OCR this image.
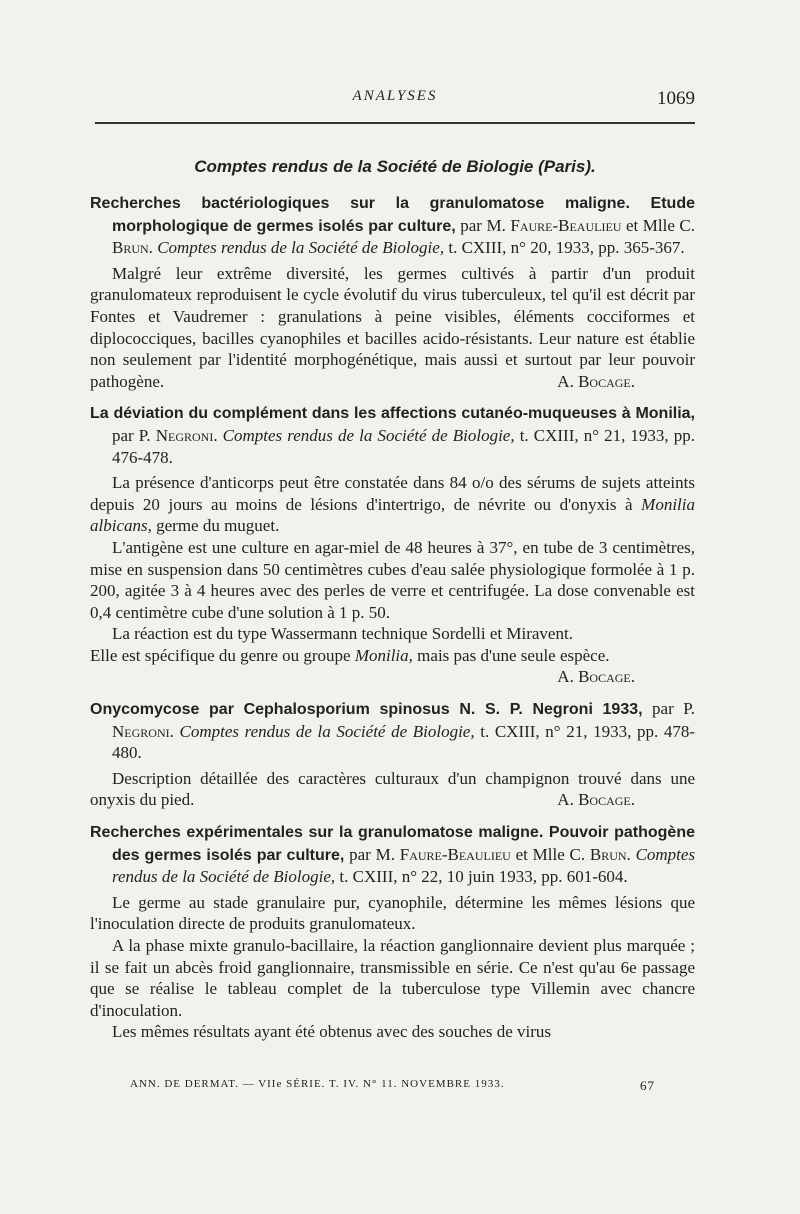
ANALYSES	1069
Comptes rendus de la Société de Biologie (Paris).

Recherches bactériologiques sur la granulomatose maligne. Etude morphologique de germes isolés par culture, par M. Faure-Beaulieu et Mlle C. Brun. Comptes rendus de la Société de Biologie, t. CXIII, n° 20, 1933, pp. 365-367.

Malgré leur extrême diversité, les germes cultivés à partir d'un produit granulomateux reproduisent le cycle évolutif du virus tuberculeux, tel qu'il est décrit par Fontes et Vaudremer : granulations à peine visibles, éléments cocciformes et diplococciques, bacilles cyanophiles et bacilles acido-résistants. Leur nature est établie non seulement par l'identité morphogénétique, mais aussi et surtout par leur pouvoir pathogène.	A. Bocage.

La déviation du complément dans les affections cutanéo-muqueuses à Monilia, par P. Negroni. Comptes rendus de la Société de Biologie, t. CXIII, n° 21, 1933, pp. 476-478.

La présence d'anticorps peut être constatée dans 84 o/o des sérums de sujets atteints depuis 20 jours au moins de lésions d'intertrigo, de névrite ou d'onyxis à Monilia albicans, germe du muguet.

L'antigène est une culture en agar-miel de 48 heures à 37°, en tube de 3 centimètres, mise en suspension dans 50 centimètres cubes d'eau salée physiologique formolée à 1 p. 200, agitée 3 à 4 heures avec des perles de verre et centrifugée. La dose convenable est 0,4 centimètre cube d'une solution à 1 p. 50.

La réaction est du type Wassermann technique Sordelli et Miravent.

Elle est spécifique du genre ou groupe Monilia, mais pas d'une seule espèce.
A. Bocage.

Onycomycose par Cephalosporium spinosus N. S. P. Negroni 1933, par P. Negroni. Comptes rendus de la Société de Biologie, t. CXIII, n° 21, 1933, pp. 478-480.

Description détaillée des caractères culturaux d'un champignon trouvé dans une onyxis du pied.	A. Bocage.

Recherches expérimentales sur la granulomatose maligne. Pouvoir pathogène des germes isolés par culture, par M. Faure-Beaulieu et Mlle C. Brun. Comptes rendus de la Société de Biologie, t. CXIII, n° 22, 10 juin 1933, pp. 601-604.

Le germe au stade granulaire pur, cyanophile, détermine les mêmes lésions que l'inoculation directe de produits granulomateux.

A la phase mixte granulo-bacillaire, la réaction ganglionnaire devient plus marquée ; il se fait un abcès froid ganglionnaire, transmissible en série. Ce n'est qu'au 6e passage que se réalise le tableau complet de la tuberculose type Villemin avec chancre d'inoculation.

Les mêmes résultats ayant été obtenus avec des souches de virus

ANN. DE DERMAT. — VIIe SÉRIE. T. IV. N° 11. NOVEMBRE 1933.	67
